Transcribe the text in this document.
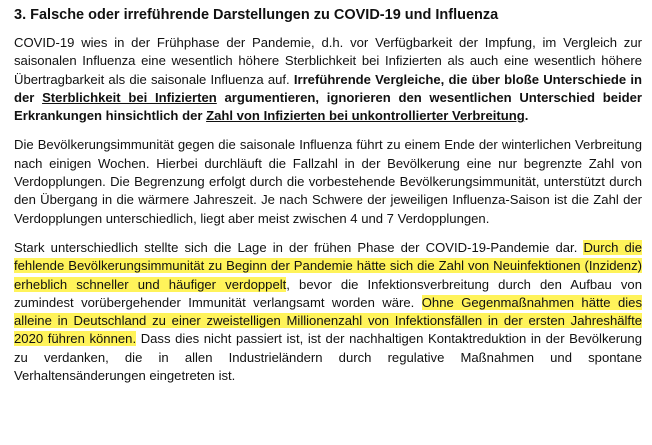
3. Falsche oder irreführende Darstellungen zu COVID-19 und Influenza

COVID-19 wies in der Frühphase der Pandemie, d.h. vor Verfügbarkeit der Impfung, im Vergleich zur saisonalen Influenza eine wesentlich höhere Sterblichkeit bei Infizierten als auch eine wesentlich höhere Übertragbarkeit als die saisonale Influenza auf. Irreführende Vergleiche, die über bloße Unterschiede in der Sterblichkeit bei Infizierten argumentieren, ignorieren den wesentlichen Unterschied beider Erkrankungen hinsichtlich der Zahl von Infizierten bei unkontrollierter Verbreitung.

Die Bevölkerungsimmunität gegen die saisonale Influenza führt zu einem Ende der winterlichen Verbreitung nach einigen Wochen. Hierbei durchläuft die Fallzahl in der Bevölkerung eine nur begrenzte Zahl von Verdopplungen. Die Begrenzung erfolgt durch die vorbestehende Bevölkerungsimmunität, unterstützt durch den Übergang in die wärmere Jahreszeit. Je nach Schwere der jeweiligen Influenza-Saison ist die Zahl der Verdopplungen unterschiedlich, liegt aber meist zwischen 4 und 7 Verdopplungen.

Stark unterschiedlich stellte sich die Lage in der frühen Phase der COVID-19-Pandemie dar. Durch die fehlende Bevölkerungsimmunität zu Beginn der Pandemie hätte sich die Zahl von Neuinfektionen (Inzidenz) erheblich schneller und häufiger verdoppelt, bevor die Infektionsverbreitung durch den Aufbau von zumindest vorübergehender Immunität verlangsamt worden wäre. Ohne Gegenmaßnahmen hätte dies alleine in Deutschland zu einer zweistelligen Millionenzahl von Infektionsfällen in der ersten Jahreshälfte 2020 führen können. Dass dies nicht passiert ist, ist der nachhaltigen Kontaktreduktion in der Bevölkerung zu verdanken, die in allen Industrieländern durch regulative Maßnahmen und spontane Verhaltensänderungen eingetreten ist.
